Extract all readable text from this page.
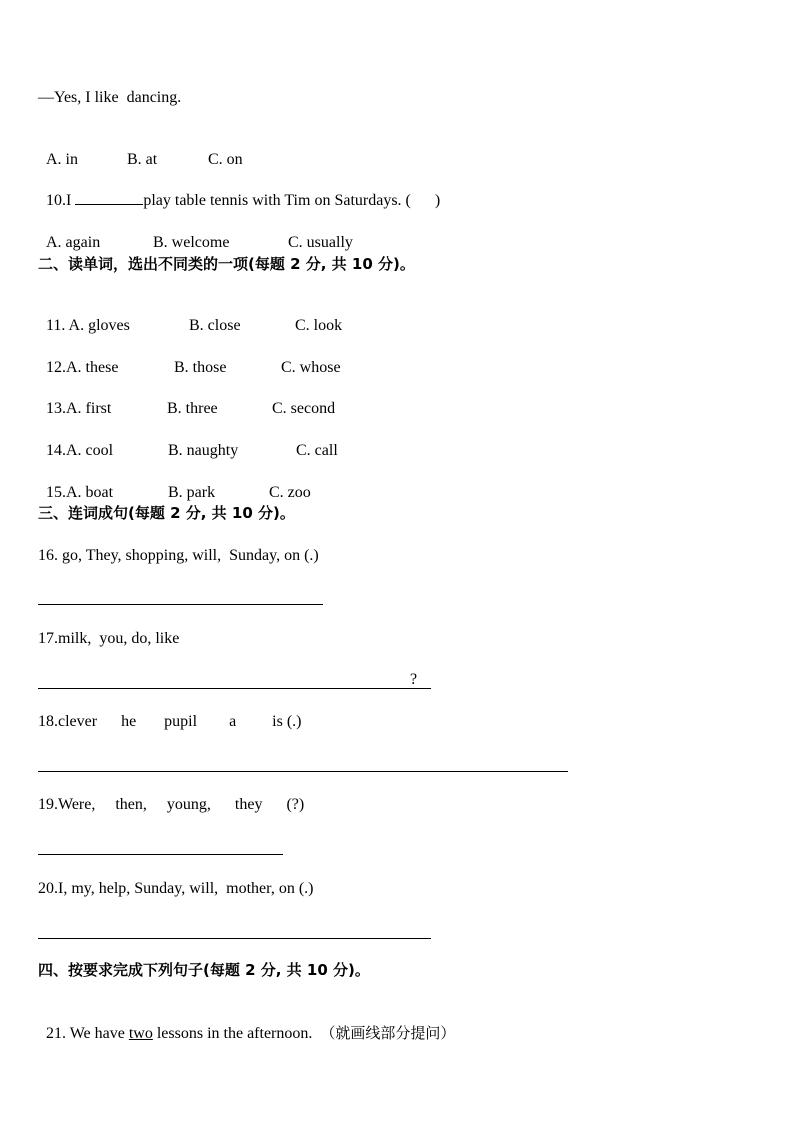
—Yes, I like  dancing.

A. in	B. at	C. on

10.I	play table tennis with Tim on Saturdays. (      )

A. again	B. welcome	C. usually

二、读单词，选出不同类的一项(每题 2 分, 共 10 分)。

11. A. gloves	B. close	C. look

12.A. these	B. those	C. whose

13.A. first	B. three	C. second

14.A. cool	B. naughty	C. call

15.A. boat	B. park	C. zoo

三、连词成句(每题 2 分, 共 10 分)。
16. go, They, shopping, will,  Sunday, on (.)
17.milk,  you, do, like
?
18.clever      he       pupil        a         is (.)
19.Were,     then,     young,      they      (?)
20.I, my, help, Sunday, will,  mother, on (.)
四、按要求完成下列句子(每题 2 分, 共 10 分)。

21. We have two lessons in the afternoon.  （就画线部分提问）
